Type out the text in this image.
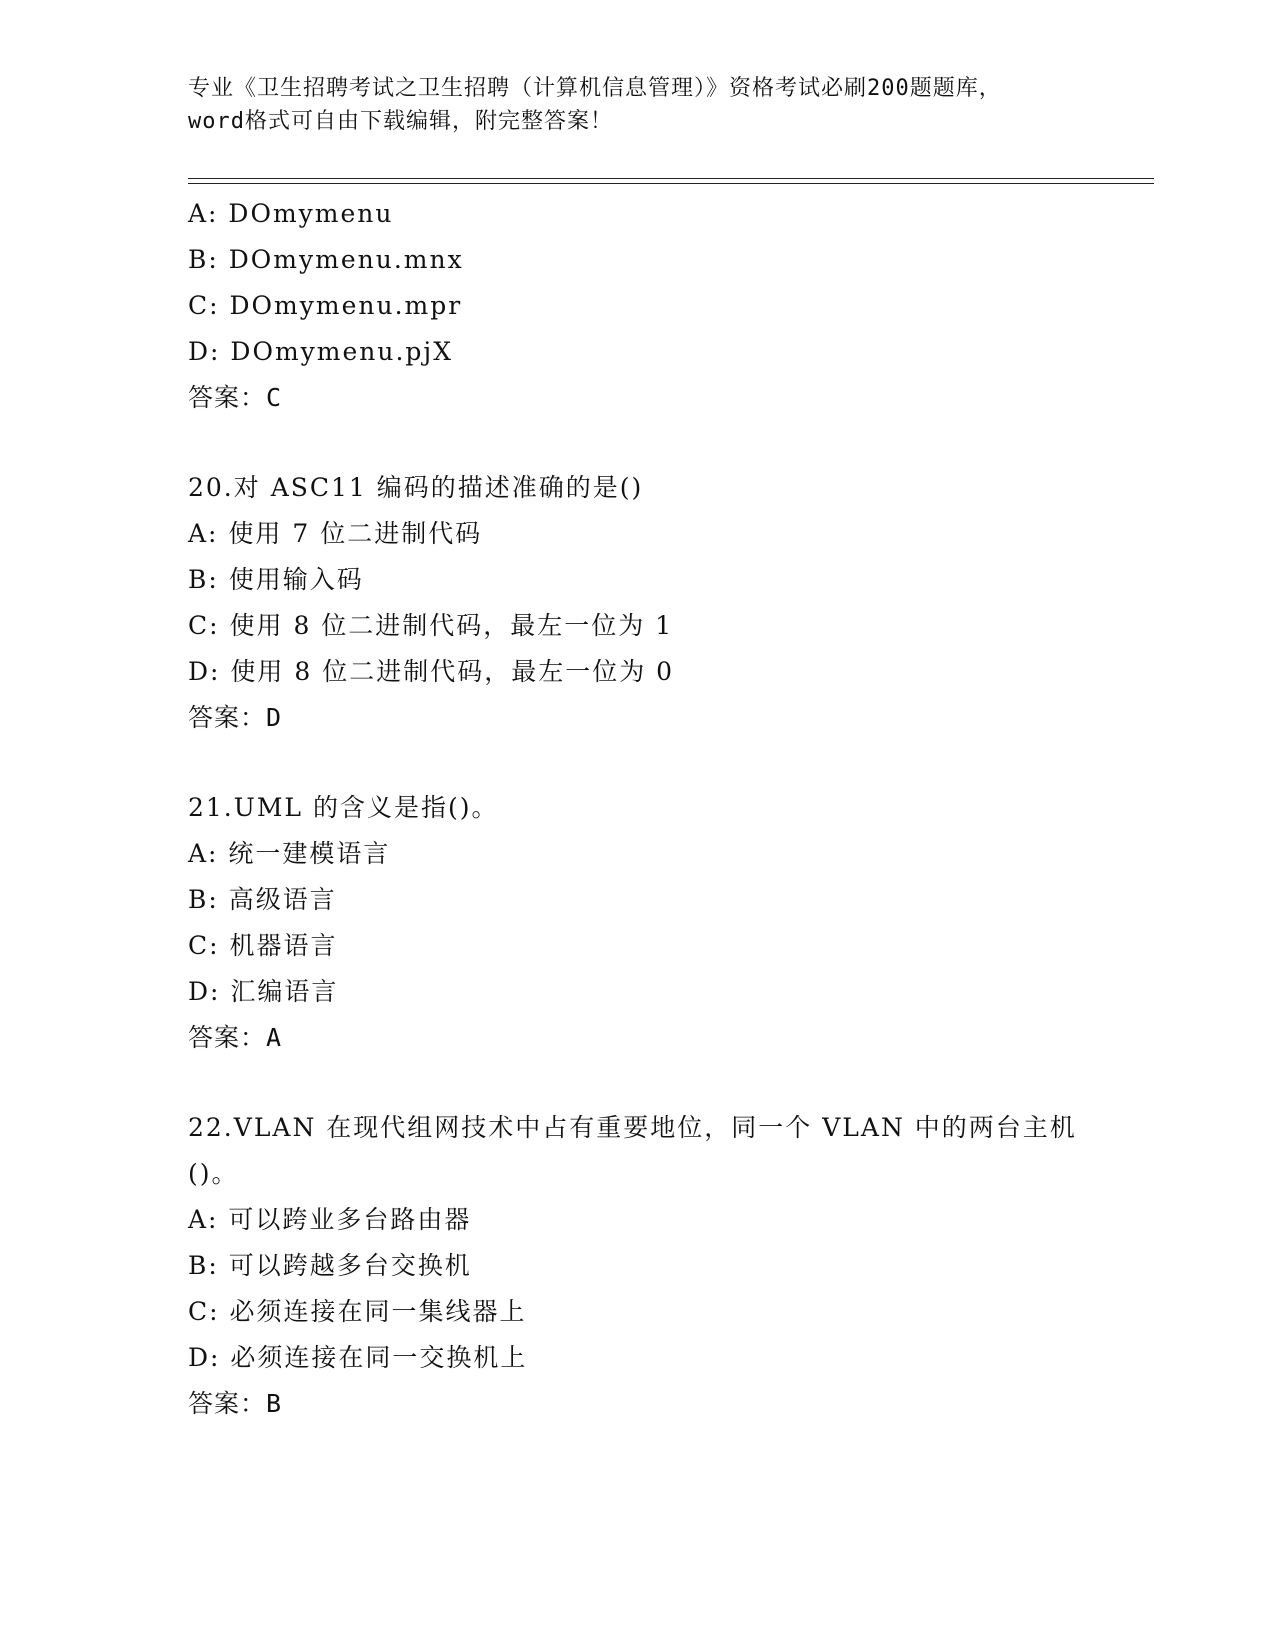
专业《卫生招聘考试之卫生招聘（计算机信息管理）》资格考试必刷200题题库，

word格式可自由下载编辑，附完整答案！

A: DOmymenu
B: DOmymenu.mnx
C: DOmymenu.mpr
D: DOmymenu.pjX
答案：C
20.对 ASC11 编码的描述准确的是()
A: 使用 7 位二进制代码
B: 使用输入码
C: 使用 8 位二进制代码，最左一位为 1
D: 使用 8 位二进制代码，最左一位为 0
答案：D
21.UML 的含义是指()。
A: 统一建模语言
B: 高级语言
C: 机器语言
D: 汇编语言
答案：A
22.VLAN 在现代组网技术中占有重要地位，同一个 VLAN 中的两台主机()。
A: 可以跨业多台路由器
B: 可以跨越多台交换机
C: 必须连接在同一集线器上
D: 必须连接在同一交换机上
答案：B
